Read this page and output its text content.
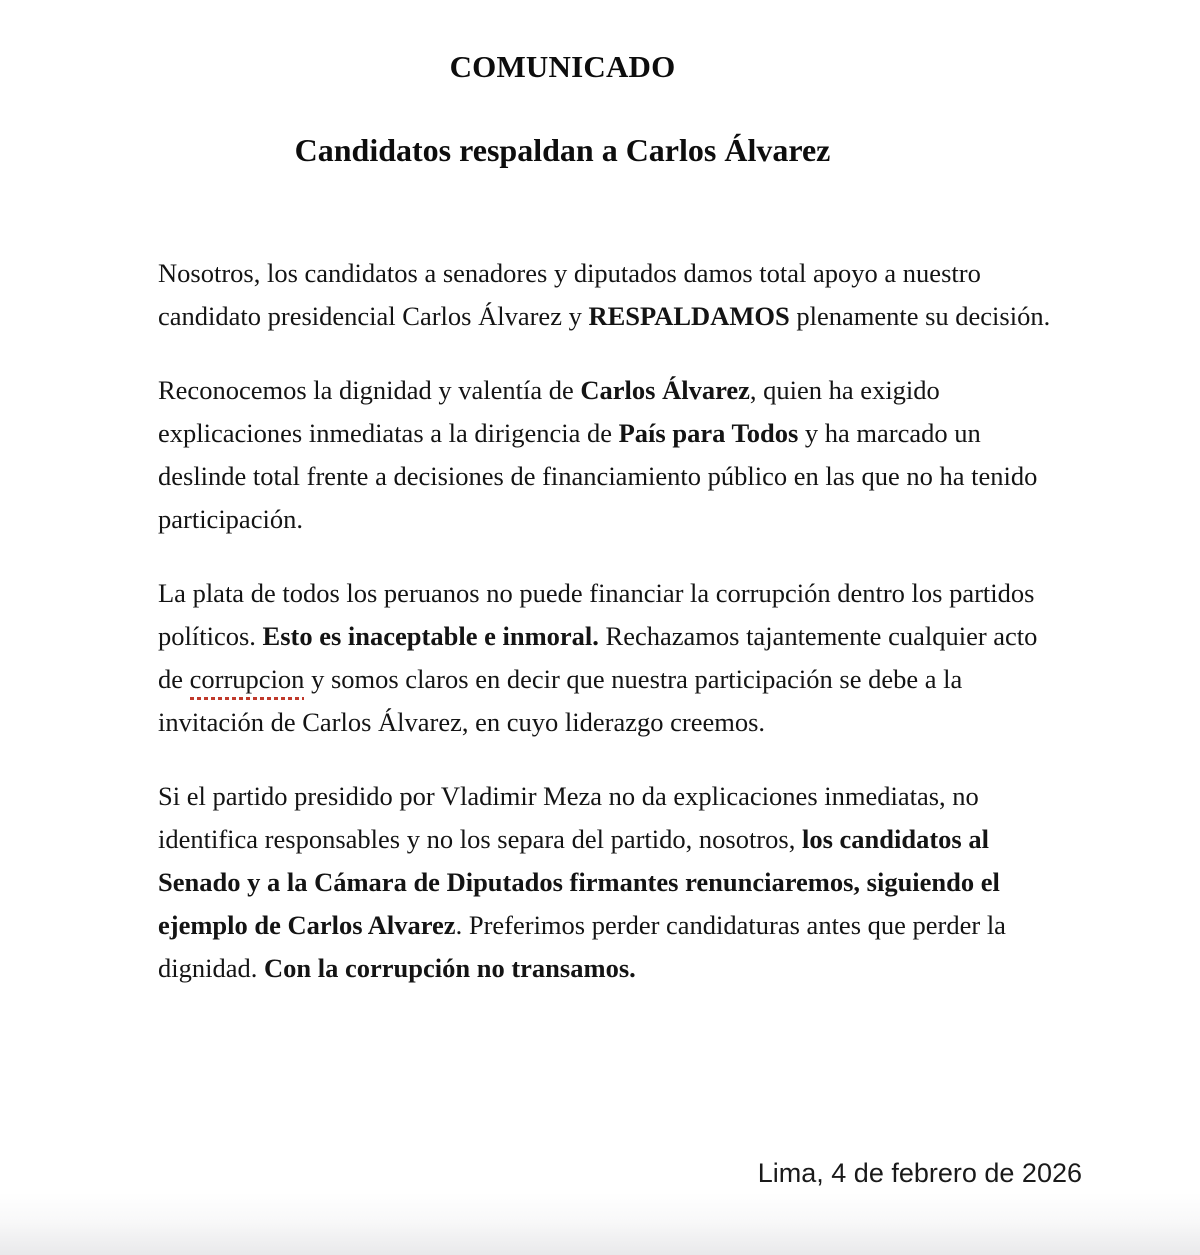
COMUNICADO
Candidatos respaldan a Carlos Álvarez

Nosotros, los candidatos a senadores y diputados damos total apoyo a nuestro candidato presidencial Carlos Álvarez y RESPALDAMOS plenamente su decisión.

Reconocemos la dignidad y valentía de Carlos Álvarez, quien ha exigido explicaciones inmediatas a la dirigencia de País para Todos y ha marcado un deslinde total frente a decisiones de financiamiento público en las que no ha tenido participación.

La plata de todos los peruanos no puede financiar la corrupción dentro los partidos políticos. Esto es inaceptable e inmoral. Rechazamos tajantemente cualquier acto de corrupcion y somos claros en decir que nuestra participación se debe a la invitación de Carlos Álvarez, en cuyo liderazgo creemos.

Si el partido presidido por Vladimir Meza no da explicaciones inmediatas, no identifica responsables y no los separa del partido, nosotros, los candidatos al Senado y a la Cámara de Diputados firmantes renunciaremos, siguiendo el ejemplo de Carlos Alvarez. Preferimos perder candidaturas antes que perder la dignidad. Con la corrupción no transamos.

Lima, 4 de febrero de 2026
